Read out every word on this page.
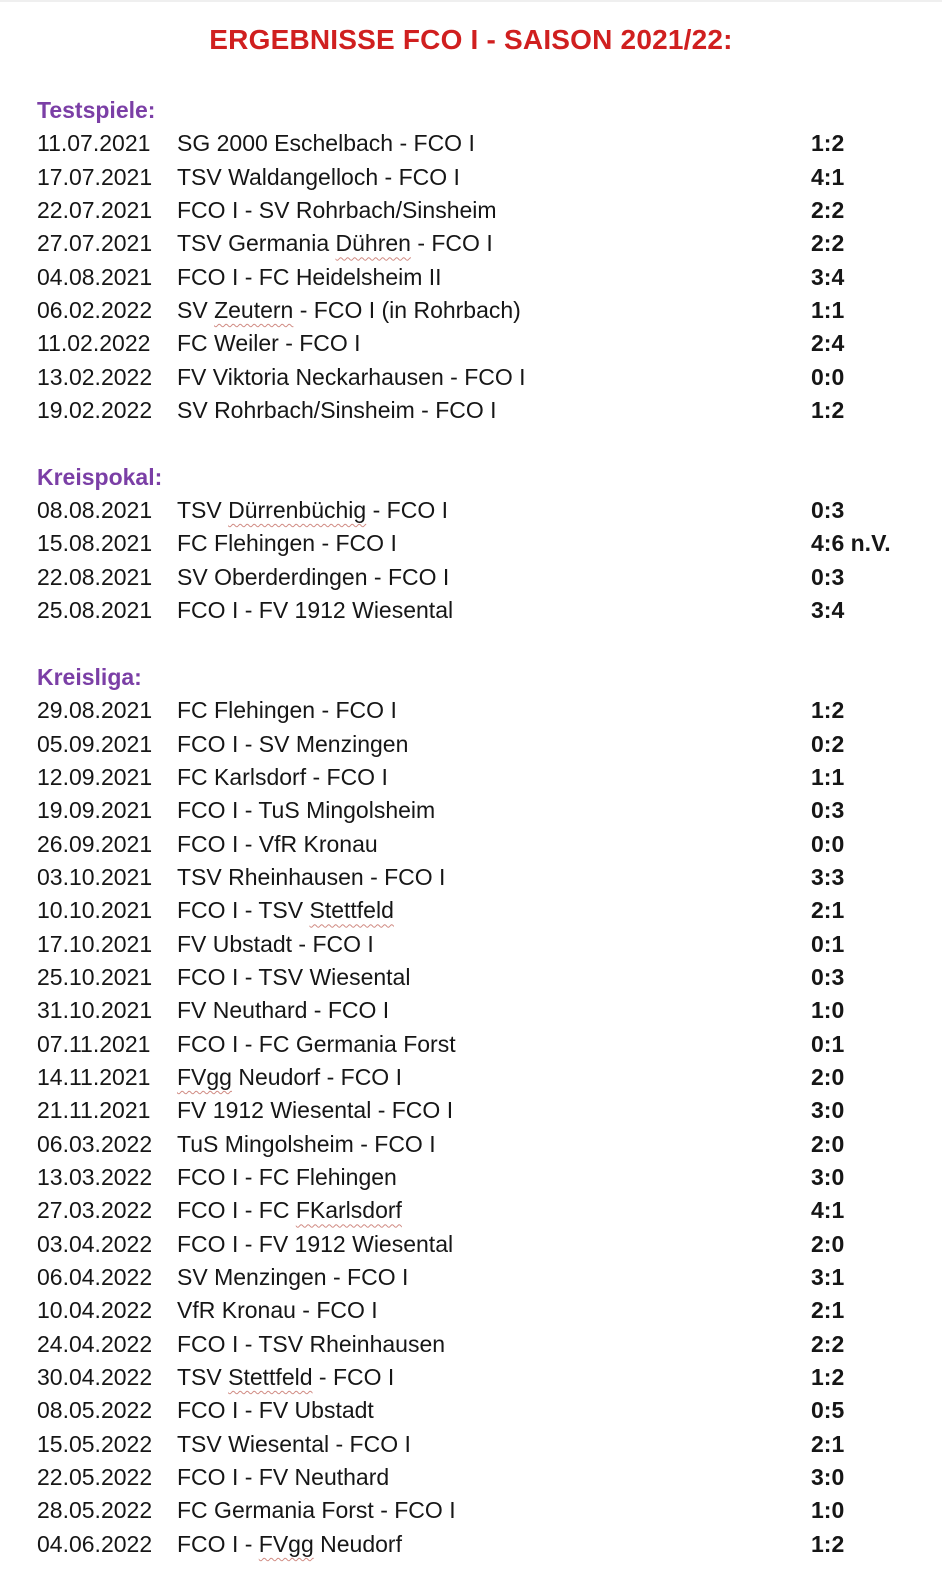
ERGEBNISSE FCO I - SAISON 2021/22:
Testspiele:
11.07.2021	SG 2000 Eschelbach - FCO I	1:2
17.07.2021	TSV Waldangelloch - FCO I	4:1
22.07.2021	FCO I - SV Rohrbach/Sinsheim	2:2
27.07.2021	TSV Germania Dühren - FCO I	2:2
04.08.2021	FCO I - FC Heidelsheim II	3:4
06.02.2022	SV Zeutern - FCO I (in Rohrbach)	1:1
11.02.2022	FC Weiler - FCO I	2:4
13.02.2022	FV Viktoria Neckarhausen - FCO I	0:0
19.02.2022	SV Rohrbach/Sinsheim - FCO I	1:2
Kreispokal:
08.08.2021	TSV Dürrenbüchig - FCO I	0:3
15.08.2021	FC Flehingen - FCO I	4:6 n.V.
22.08.2021	SV Oberderdingen - FCO I	0:3
25.08.2021	FCO I - FV 1912 Wiesental	3:4
Kreisliga:
29.08.2021	FC Flehingen - FCO I	1:2
05.09.2021	FCO I - SV Menzingen	0:2
12.09.2021	FC Karlsdorf - FCO I	1:1
19.09.2021	FCO I - TuS Mingolsheim	0:3
26.09.2021	FCO I - VfR Kronau	0:0
03.10.2021	TSV Rheinhausen - FCO I	3:3
10.10.2021	FCO I - TSV Stettfeld	2:1
17.10.2021	FV Ubstadt - FCO I	0:1
25.10.2021	FCO I - TSV Wiesental	0:3
31.10.2021	FV Neuthard - FCO I	1:0
07.11.2021	FCO I - FC Germania Forst	0:1
14.11.2021	FVgg Neudorf - FCO I	2:0
21.11.2021	FV 1912 Wiesental - FCO I	3:0
06.03.2022	TuS Mingolsheim - FCO I	2:0
13.03.2022	FCO I - FC Flehingen	3:0
27.03.2022	FCO I - FC FKarlsdorf	4:1
03.04.2022	FCO I - FV 1912 Wiesental	2:0
06.04.2022	SV Menzingen - FCO I	3:1
10.04.2022	VfR Kronau - FCO I	2:1
24.04.2022	FCO I - TSV Rheinhausen	2:2
30.04.2022	TSV Stettfeld - FCO I	1:2
08.05.2022	FCO I - FV Ubstadt	0:5
15.05.2022	TSV Wiesental - FCO I	2:1
22.05.2022	FCO I - FV Neuthard	3:0
28.05.2022	FC Germania Forst - FCO I	1:0
04.06.2022	FCO I - FVgg Neudorf	1:2
